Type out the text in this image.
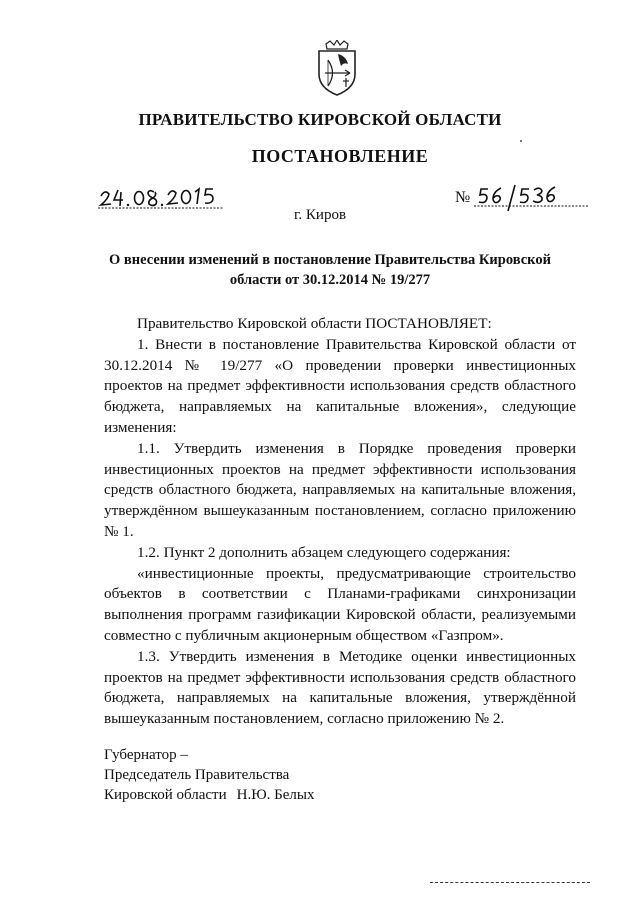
ПРАВИТЕЛЬСТВО КИРОВСКОЙ ОБЛАСТИ
ПОСТАНОВЛЕНИЕ
№
г. Киров
О внесении изменений в постановление Правительства Кировской
области от 30.12.2014 № 19/277

Правительство Кировской области ПОСТАНОВЛЯЕТ:

1. Внести в постановление Правительства Кировской области от 30.12.2014 № 19/277 «О проведении проверки инвестиционных проектов на предмет эффективности использования средств областного бюджета, направляемых на капитальные вложения», следующие изменения:

1.1. Утвердить изменения в Порядке проведения проверки инвестиционных проектов на предмет эффективности использования средств областного бюджета, направляемых на капитальные вложения, утверждённом вышеуказанным постановлением, согласно приложению № 1.

1.2. Пункт 2 дополнить абзацем следующего содержания:

«инвестиционные проекты, предусматривающие строительство объектов в соответствии с Планами-графиками синхронизации выполнения программ газификации Кировской области, реализуемыми совместно с публичным акционерным обществом «Газпром».

1.3. Утвердить изменения в Методике оценки инвестиционных проектов на предмет эффективности использования средств областного бюджета, направляемых на капитальные вложения, утверждённой вышеуказанным постановлением, согласно приложению № 2.

Губернатор –
Председатель Правительства
Кировской области Н.Ю. Белых
